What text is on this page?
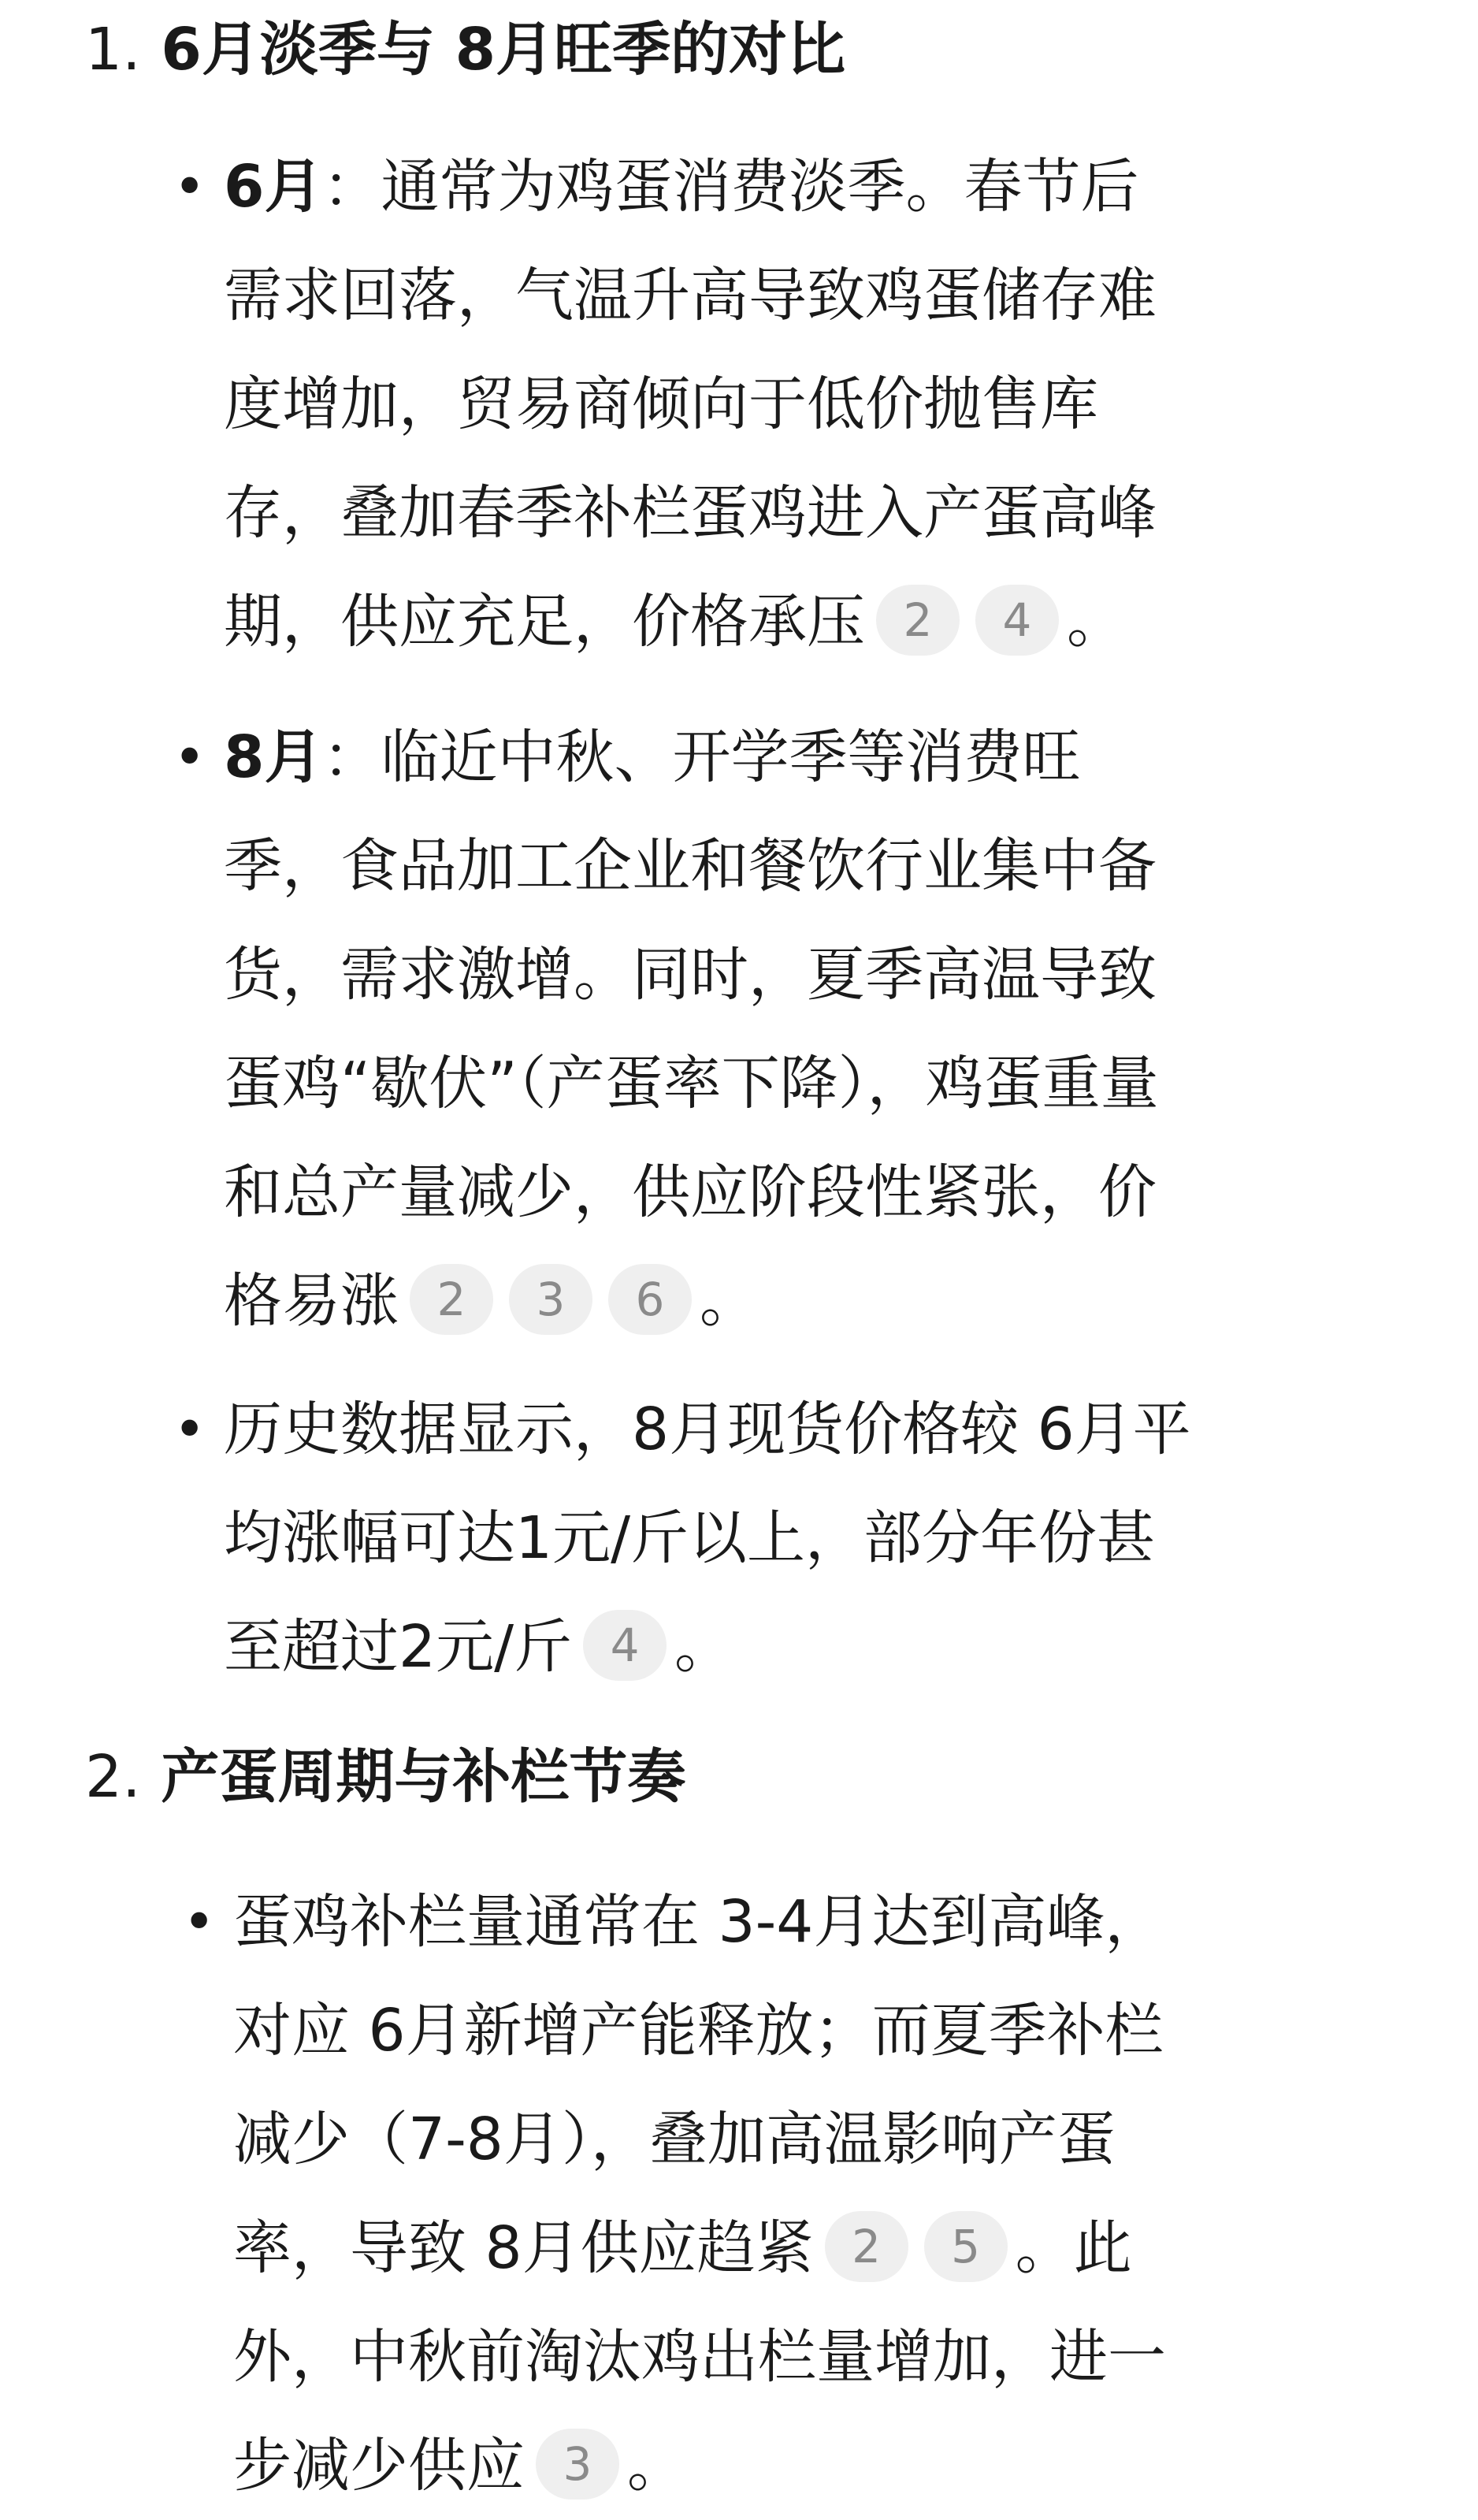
1. 6月淡季与 8月旺季的对比
• 6月：通常为鸡蛋消费淡季。春节后
需求回落，气温升高导致鸡蛋储存难
度增加，贸易商倾向于低价抛售库
存，叠加春季补栏蛋鸡进入产蛋高峰
期，供应充足，价格承压 2 4 。
• 8月：临近中秋、开学季等消费旺
季，食品加工企业和餐饮行业集中备
货，需求激增。同时，夏季高温导致
蛋鸡“歇伏”（产蛋率下降），鸡蛋重量
和总产量减少，供应阶段性紧张，价
格易涨 2 3 6 。
• 历史数据显示，8月现货价格较 6月平
均涨幅可达1元/斤以上，部分年份甚
至超过2元/斤 4 。
2. 产蛋周期与补栏节奏
• 蛋鸡补栏量通常在 3-4月达到高峰，
对应 6月新增产能释放；而夏季补栏
减少（7-8月），叠加高温影响产蛋
率，导致 8月供应趋紧 2 5 。此
外，中秋前淘汰鸡出栏量增加，进一
步减少供应 3 。
